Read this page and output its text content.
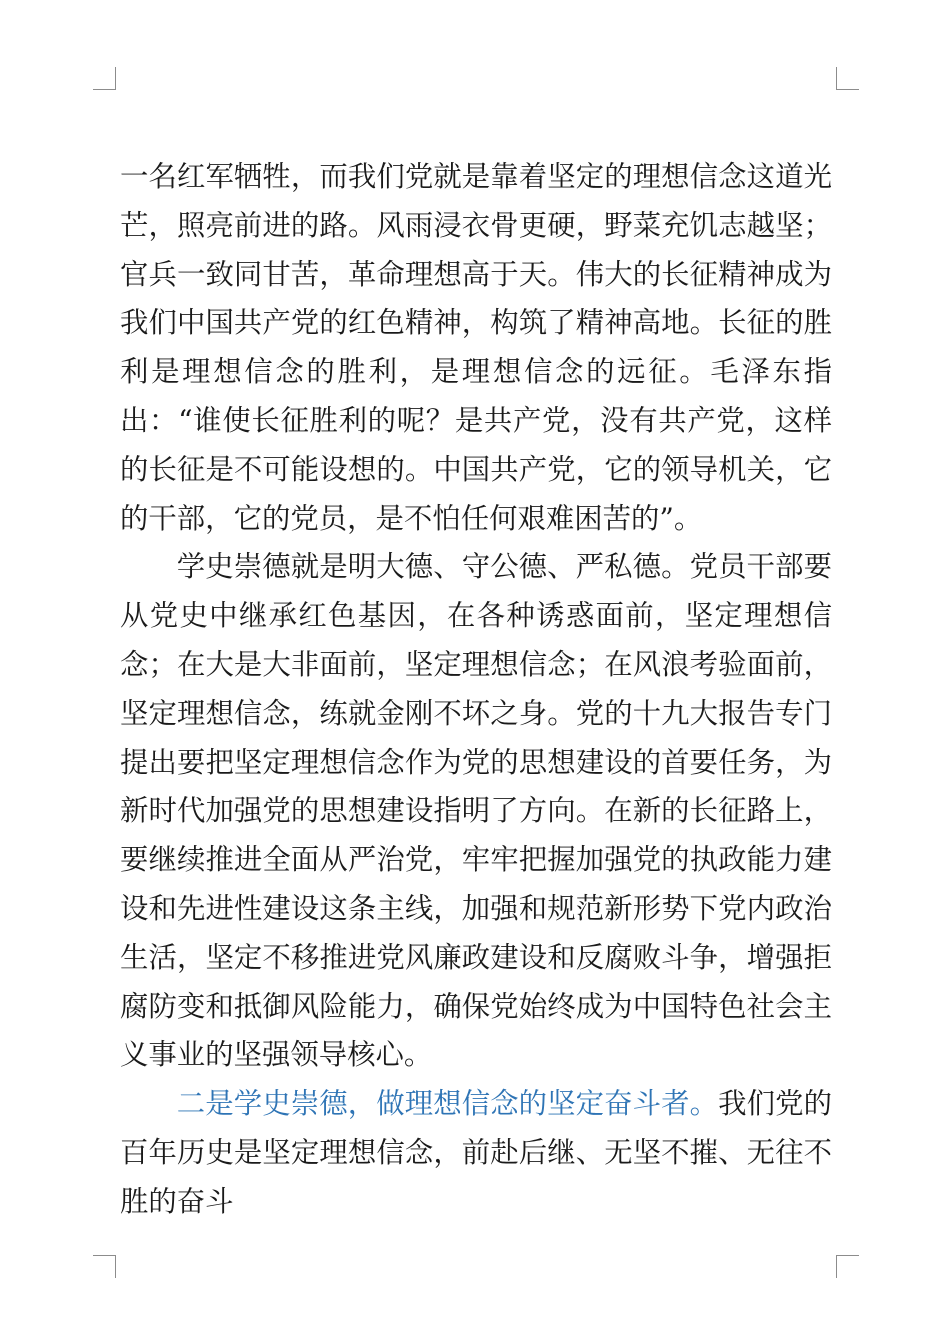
一名红军牺牲，而我们党就是靠着坚定的理想信念这道光芒，照亮前进的路。风雨浸衣骨更硬，野菜充饥志越坚；官兵一致同甘苦，革命理想高于天。伟大的长征精神成为我们中国共产党的红色精神，构筑了精神高地。长征的胜利是理想信念的胜利，是理想信念的远征。毛泽东指出：“谁使长征胜利的呢？是共产党，没有共产党，这样的长征是不可能设想的。中国共产党，它的领导机关，它的干部，它的党员，是不怕任何艰难困苦的”。

学史崇德就是明大德、守公德、严私德。党员干部要从党史中继承红色基因，在各种诱惑面前，坚定理想信念；在大是大非面前，坚定理想信念；在风浪考验面前，坚定理想信念，练就金刚不坏之身。党的十九大报告专门提出要把坚定理想信念作为党的思想建设的首要任务，为新时代加强党的思想建设指明了方向。在新的长征路上，要继续推进全面从严治党，牢牢把握加强党的执政能力建设和先进性建设这条主线，加强和规范新形势下党内政治生活，坚定不移推进党风廉政建设和反腐败斗争，增强拒腐防变和抵御风险能力，确保党始终成为中国特色社会主义事业的坚强领导核心。

二是学史崇德，做理想信念的坚定奋斗者。我们党的百年历史是坚定理想信念，前赴后继、无坚不摧、无往不胜的奋斗
